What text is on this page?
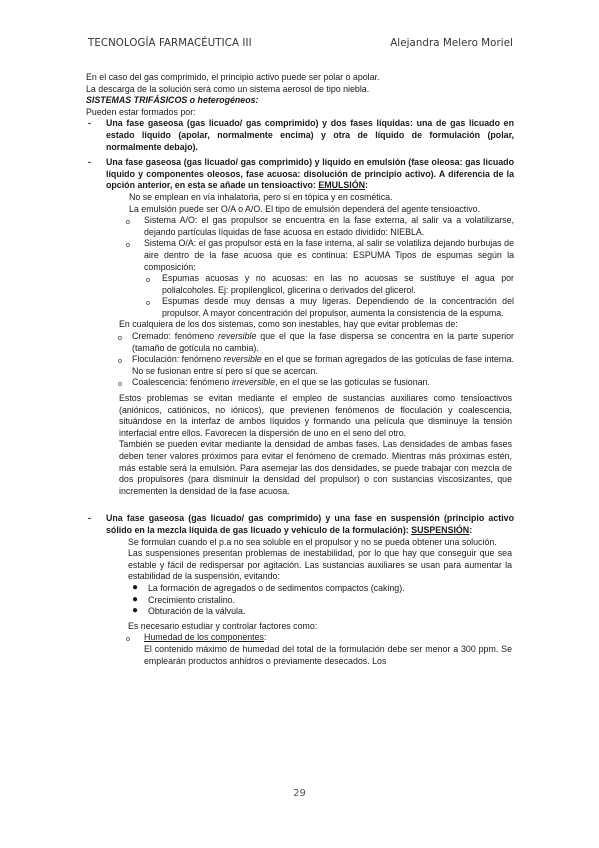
TECNOLOGÍA FARMACÉUTICA III	Alejandra Melero Moriel

En el caso del gas comprimido, el principio activo puede ser polar o apolar.

La descarga de la solución será como un sistema aerosol de tipo niebla.

SISTEMAS TRIFÁSICOS o heterogéneos:

Pueden estar formados por:

- Una fase gaseosa (gas licuado/ gas comprimido) y dos fases líquidas: una de gas licuado en estado líquido (apolar, normalmente encima) y otra de líquido de formulación (polar, normalmente debajo).
- Una fase gaseosa (gas licuado/ gas comprimido) y líquido en emulsión (fase oleosa: gas licuado líquido y componentes oleosos, fase acuosa: disolución de principio activo). A diferencia de la opción anterior, en esta se añade un tensioactivo: EMULSIÓN:

No se emplean en vía inhalatoria, pero sí en tópica y en cosmética.

La emulsión puede ser O/A o A/O. El tipo de emulsión dependerá del agente tensioactivo.

o Sistema A/O: el gas propulsor se encuentra en la fase externa, al salir va a volatilizarse, dejando partículas líquidas de fase acuosa en estado dividido: NIEBLA.
o Sistema O/A: el gas propulsor está en la fase interna, al salir se volatiliza dejando burbujas de aire dentro de la fase acuosa que es continua: ESPUMA Tipos de espumas según la composición:
o Espumas acuosas y no acuosas: en las no acuosas se sustituye el agua por polialcoholes. Ej: propilenglicol, glicerina o derivados del glicerol.
o Espumas desde muy densas a muy ligeras. Dependiendo de la concentración del propulsor. A mayor concentración del propulsor, aumenta la consistencia de la espuma.

En cualquiera de los dos sistemas, como son inestables, hay que evitar problemas de:

o Cremado: fenómeno reversible que el que la fase dispersa se concentra en la parte superior (tamaño de gotícula no cambia).
o Floculación: fenómeno reversible en el que se forman agregados de las gotículas de fase interna. No se fusionan entre sí pero sí que se acercan.
o Coalescencia: fenómeno irreversible, en el que se las gotículas se fusionan.

Estos problemas se evitan mediante el empleo de sustancias auxiliares como tensioactivos (aniónicos, catiónicos, no iónicos), que previenen fenómenos de floculación y coalescencia, situándose en la interfaz de ambos líquidos y formando una película que disminuye la tensión interfacial entre ellos. Favorecen la dispersión de uno en el seno del otro.

También se pueden evitar mediante la densidad de ambas fases. Las densidades de ambas fases deben tener valores próximos para evitar el fenómeno de cremado. Mientras más próximas estén, más estable será la emulsión. Para asemejar las dos densidades, se puede trabajar con mezcla de dos propulsores (para disminuir la densidad del propulsor) o con sustancias viscosizantes, que incrementen la densidad de la fase acuosa.

- Una fase gaseosa (gas licuado/ gas comprimido) y una fase en suspensión (principio activo sólido en la mezcla líquida de gas licuado y vehículo de la formulación): SUSPENSIÓN:

Se formulan cuando el p.a no sea soluble en el propulsor y no se pueda obtener una solución.

Las suspensiones presentan problemas de inestabilidad, por lo que hay que conseguir que sea estable y fácil de redispersar por agitación. Las sustancias auxiliares se usan para aumentar la estabilidad de la suspensión, evitando:

● La formación de agregados o de sedimentos compactos (caking).
● Crecimiento cristalino.
● Obturación de la válvula.

Es necesario estudiar y controlar factores como:

o Humedad de los componentes:

El contenido máximo de humedad del total de la formulación debe ser menor a 300 ppm. Se emplearán productos anhidros o previamente desecados. Los

29
